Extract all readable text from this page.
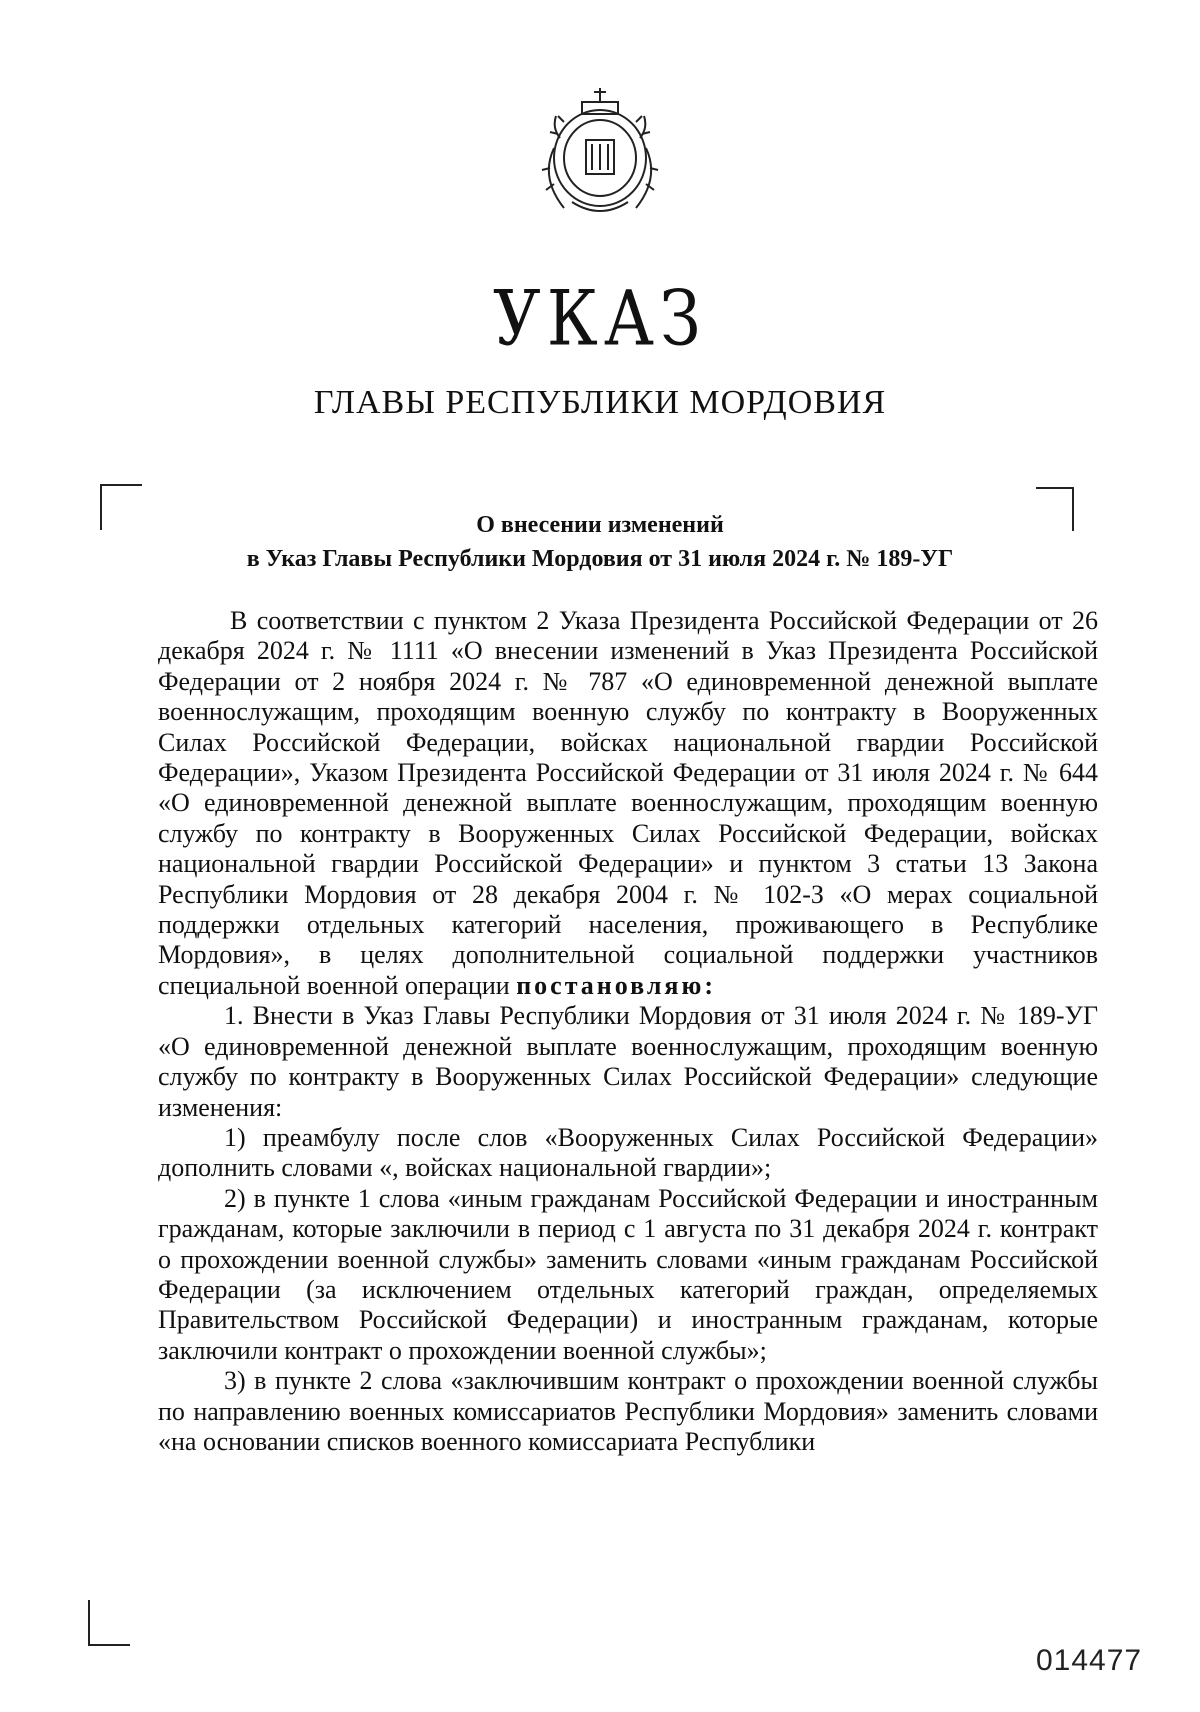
УКАЗ
ГЛАВЫ РЕСПУБЛИКИ МОРДОВИЯ
О внесении изменений
в Указ Главы Республики Мордовия от 31 июля 2024 г. № 189-УГ

В соответствии с пунктом 2 Указа Президента Российской Федерации от 26 декабря 2024 г. № 1111 «О внесении изменений в Указ Президента Российской Федерации от 2 ноября 2024 г. № 787 «О единовременной денежной выплате военнослужащим, проходящим военную службу по контракту в Вооруженных Силах Российской Федерации, войсках национальной гвардии Российской Федерации», Указом Президента Российской Федерации от 31 июля 2024 г. № 644 «О единовременной денежной выплате военнослужащим, проходящим военную службу по контракту в Вооруженных Силах Российской Федерации, войсках национальной гвардии Российской Федерации» и пунктом 3 статьи 13 Закона Республики Мордовия от 28 декабря 2004 г. № 102-З «О мерах социальной поддержки отдельных категорий населения, проживающего в Республике Мордовия», в целях дополнительной социальной поддержки участников специальной военной операции постановляю:

1. Внести в Указ Главы Республики Мордовия от 31 июля 2024 г. № 189-УГ «О единовременной денежной выплате военнослужащим, проходящим военную службу по контракту в Вооруженных Силах Российской Федерации» следующие изменения:

1) преамбулу после слов «Вооруженных Силах Российской Федерации» дополнить словами «, войсках национальной гвардии»;

2) в пункте 1 слова «иным гражданам Российской Федерации и иностранным гражданам, которые заключили в период с 1 августа по 31 декабря 2024 г. контракт о прохождении военной службы» заменить словами «иным гражданам Российской Федерации (за исключением отдельных категорий граждан, определяемых Правительством Российской Федерации) и иностранным гражданам, которые заключили контракт о прохождении военной службы»;

3) в пункте 2 слова «заключившим контракт о прохождении военной службы по направлению военных комиссариатов Республики Мордовия» заменить словами «на основании списков военного комиссариата Республики

014477
